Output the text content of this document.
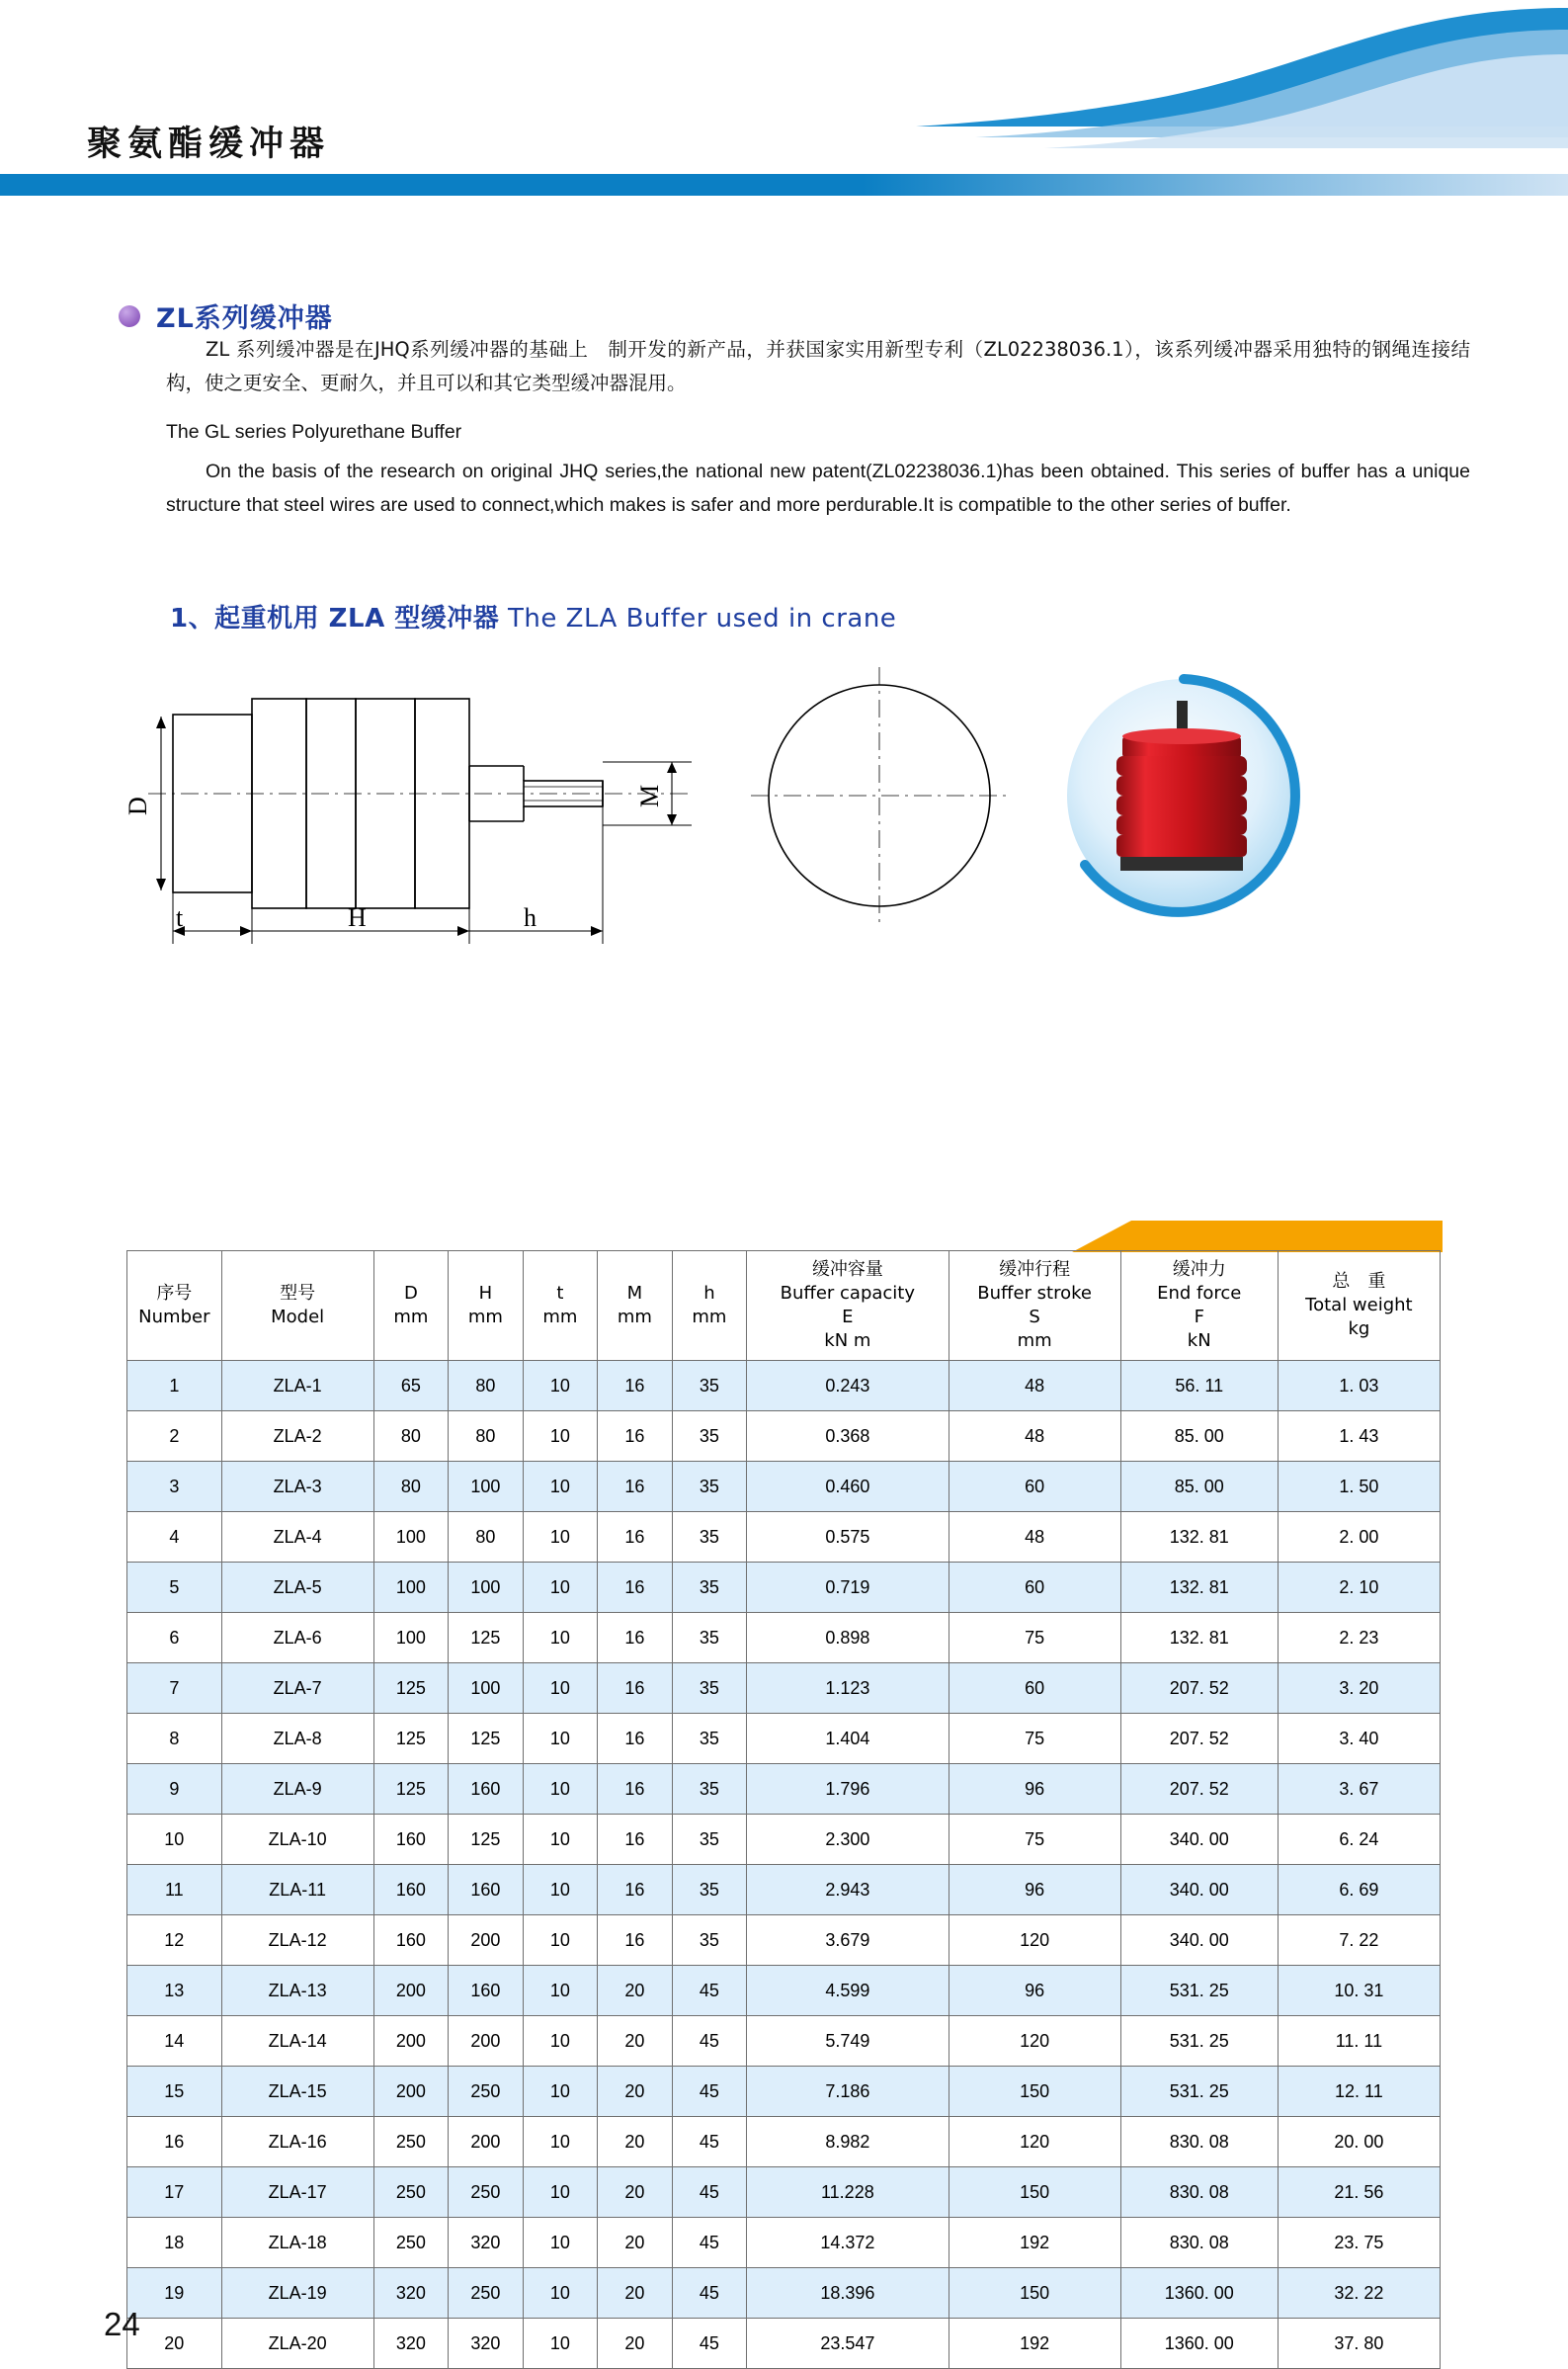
聚氨酯缓冲器
ZL系列缓冲器
ZL 系列缓冲器是在JHQ系列缓冲器的基础上　制开发的新产品，并获国家实用新型专利（ZL02238036.1），该系列缓冲器采用独特的钢绳连接结构，使之更安全、更耐久，并且可以和其它类型缓冲器混用。
The GL series Polyurethane Buffer
On the basis of the research on original JHQ series,the national new patent(ZL02238036.1)has been obtained. This series of buffer has a unique structure that steel wires are used to connect,which makes is safer and more perdurable.It is compatible to the other series of buffer.
1、起重机用 ZLA 型缓冲器 The ZLA Buffer used in crane
D	M
t	H	h
序号
Number

型号
Model

D
mm

H
mm

t
mm

M
mm

h
mm

缓冲容量
Buffer capacity
E
kN m

缓冲行程
Buffer stroke
S
mm

缓冲力
End force
F
kN

总　重
Total weight
kg

1	ZLA-1	65	80	10	16	35	0.243	48	56. 11	1. 03
2	ZLA-2	80	80	10	16	35	0.368	48	85. 00	1. 43
3	ZLA-3	80	100	10	16	35	0.460	60	85. 00	1. 50
4	ZLA-4	100	80	10	16	35	0.575	48	132. 81	2. 00
5	ZLA-5	100	100	10	16	35	0.719	60	132. 81	2. 10
6	ZLA-6	100	125	10	16	35	0.898	75	132. 81	2. 23
7	ZLA-7	125	100	10	16	35	1.123	60	207. 52	3. 20
8	ZLA-8	125	125	10	16	35	1.404	75	207. 52	3. 40
9	ZLA-9	125	160	10	16	35	1.796	96	207. 52	3. 67
10	ZLA-10	160	125	10	16	35	2.300	75	340. 00	6. 24
11	ZLA-11	160	160	10	16	35	2.943	96	340. 00	6. 69
12	ZLA-12	160	200	10	16	35	3.679	120	340. 00	7. 22
13	ZLA-13	200	160	10	20	45	4.599	96	531. 25	10. 31
14	ZLA-14	200	200	10	20	45	5.749	120	531. 25	11. 11
15	ZLA-15	200	250	10	20	45	7.186	150	531. 25	12. 11
16	ZLA-16	250	200	10	20	45	8.982	120	830. 08	20. 00
17	ZLA-17	250	250	10	20	45	11.228	150	830. 08	21. 56
18	ZLA-18	250	320	10	20	45	14.372	192	830. 08	23. 75
19	ZLA-19	320	250	10	20	45	18.396	150	1360. 00	32. 22
20	ZLA-20	320	320	10	20	45	23.547	192	1360. 00	37. 80
24
